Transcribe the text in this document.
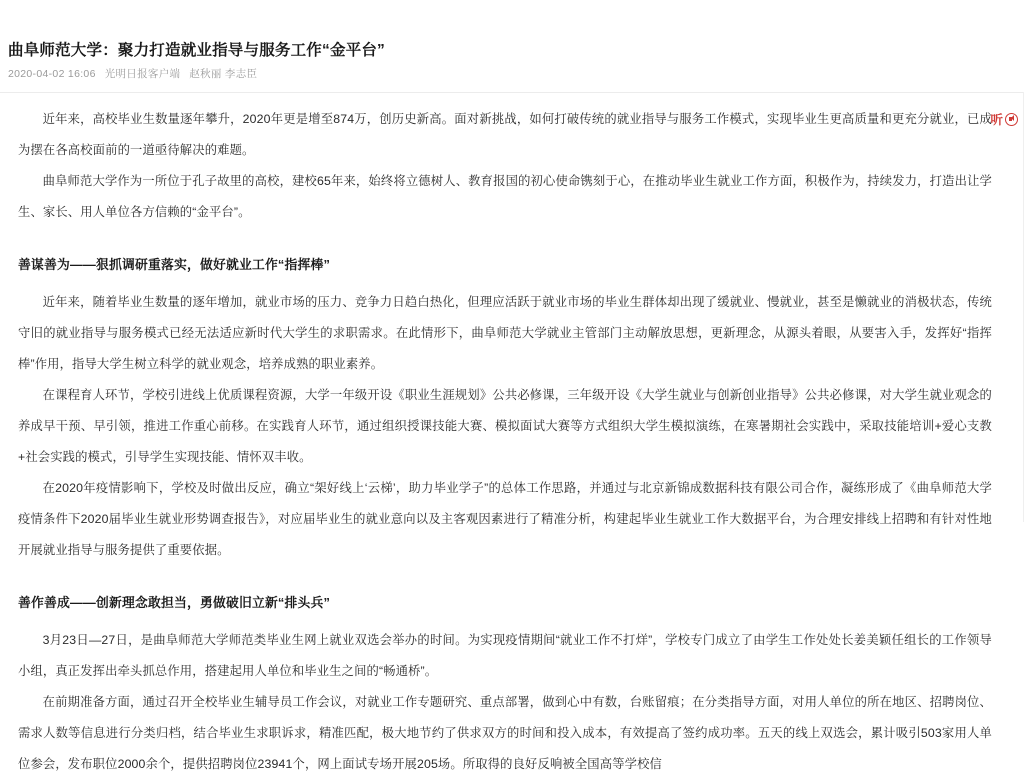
曲阜师范大学：聚力打造就业指导与服务工作“金平台”
2020-04-02 16:06 光明日报客户端 赵秋丽 李志臣
听

近年来，高校毕业生数量逐年攀升，2020年更是增至874万，创历史新高。面对新挑战，如何打破传统的就业指导与服务工作模式，实现毕业生更高质量和更充分就业，已成为摆在各高校面前的一道亟待解决的难题。

曲阜师范大学作为一所位于孔子故里的高校，建校65年来，始终将立德树人、教育报国的初心使命镌刻于心，在推动毕业生就业工作方面，积极作为，持续发力，打造出让学生、家长、用人单位各方信赖的“金平台”。

善谋善为——狠抓调研重落实，做好就业工作“指挥棒”

近年来，随着毕业生数量的逐年增加，就业市场的压力、竞争力日趋白热化，但理应活跃于就业市场的毕业生群体却出现了缓就业、慢就业，甚至是懒就业的消极状态，传统守旧的就业指导与服务模式已经无法适应新时代大学生的求职需求。在此情形下，曲阜师范大学就业主管部门主动解放思想，更新理念，从源头着眼，从要害入手，发挥好“指挥棒”作用，指导大学生树立科学的就业观念，培养成熟的职业素养。

在课程育人环节，学校引进线上优质课程资源，大学一年级开设《职业生涯规划》公共必修课，三年级开设《大学生就业与创新创业指导》公共必修课，对大学生就业观念的养成早干预、早引领，推进工作重心前移。在实践育人环节，通过组织授课技能大赛、模拟面试大赛等方式组织大学生模拟演练，在寒暑期社会实践中，采取技能培训+爱心支教+社会实践的模式，引导学生实现技能、情怀双丰收。

在2020年疫情影响下，学校及时做出反应，确立“架好线上‘云梯’，助力毕业学子”的总体工作思路，并通过与北京新锦成数据科技有限公司合作，凝练形成了《曲阜师范大学疫情条件下2020届毕业生就业形势调查报告》，对应届毕业生的就业意向以及主客观因素进行了精准分析，构建起毕业生就业工作大数据平台，为合理安排线上招聘和有针对性地开展就业指导与服务提供了重要依据。

善作善成——创新理念敢担当，勇做破旧立新“排头兵”

3月23日—27日，是曲阜师范大学师范类毕业生网上就业双选会举办的时间。为实现疫情期间“就业工作不打烊”，学校专门成立了由学生工作处处长姜美颖任组长的工作领导小组，真正发挥出牵头抓总作用，搭建起用人单位和毕业生之间的“畅通桥”。

在前期准备方面，通过召开全校毕业生辅导员工作会议，对就业工作专题研究、重点部署，做到心中有数，台账留痕；在分类指导方面，对用人单位的所在地区、招聘岗位、需求人数等信息进行分类归档，结合毕业生求职诉求，精准匹配，极大地节约了供求双方的时间和投入成本，有效提高了签约成功率。五天的线上双选会，累计吸引503家用人单位参会，发布职位2000余个，提供招聘岗位23941个，网上面试专场开展205场。所取得的良好反响被全国高等学校信
